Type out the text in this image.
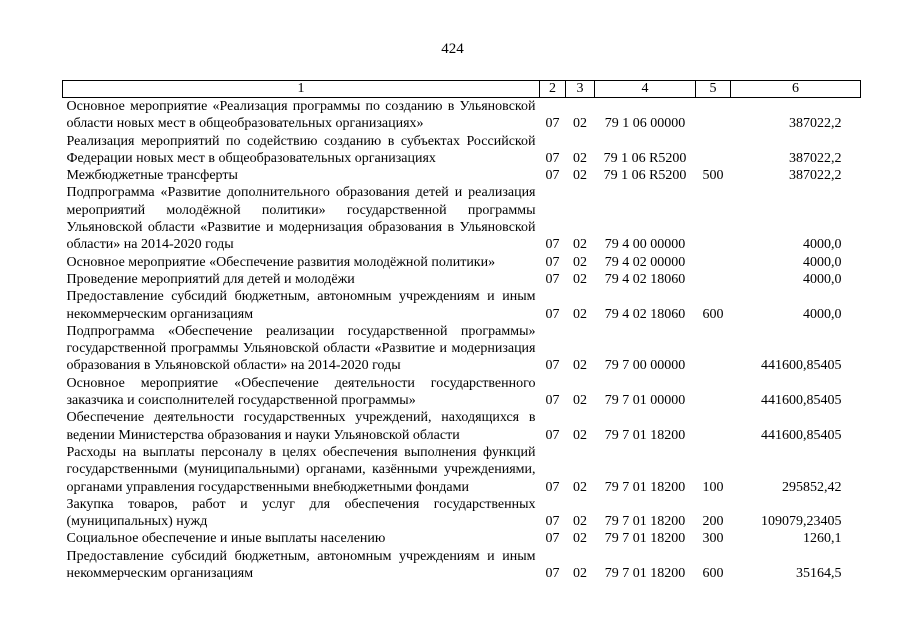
424
1	2	3	4	5	6
Основное мероприятие «Реализация программы по созданию в Ульяновской области новых мест в общеобразовательных организациях»	07	02	79 1 06 00000		387022,2
Реализация мероприятий по содействию созданию в субъектах Российской Федерации новых мест в общеобразовательных организациях	07	02	79 1 06 R5200		387022,2
Межбюджетные трансферты	07	02	79 1 06 R5200	500	387022,2
Подпрограмма «Развитие дополнительного образования детей и реализация мероприятий молодёжной политики» государственной программы Ульяновской области «Развитие и модернизация образования в Ульяновской области» на 2014-2020 годы	07	02	79 4 00 00000		4000,0
Основное мероприятие «Обеспечение развития молодёжной политики»	07	02	79 4 02 00000		4000,0
Проведение мероприятий для детей и молодёжи	07	02	79 4 02 18060		4000,0
Предоставление субсидий бюджетным, автономным учреждениям и иным некоммерческим организациям	07	02	79 4 02 18060	600	4000,0
Подпрограмма «Обеспечение реализации государственной программы» государственной программы Ульяновской области «Развитие и модернизация образования в Ульяновской области» на 2014-2020 годы	07	02	79 7 00 00000		441600,85405
Основное мероприятие «Обеспечение деятельности государственного заказчика и соисполнителей государственной программы»	07	02	79 7 01 00000		441600,85405
Обеспечение деятельности государственных учреждений, находящихся в ведении Министерства образования и науки Ульяновской области	07	02	79 7 01 18200		441600,85405
Расходы на выплаты персоналу в целях обеспечения выполнения функций государственными (муниципальными) органами, казёнными учреждениями, органами управления государственными внебюджетными фондами	07	02	79 7 01 18200	100	295852,42
Закупка товаров, работ и услуг для обеспечения государственных (муниципальных) нужд	07	02	79 7 01 18200	200	109079,23405
Социальное обеспечение и иные выплаты населению	07	02	79 7 01 18200	300	1260,1
Предоставление субсидий бюджетным, автономным учреждениям и иным некоммерческим организациям	07	02	79 7 01 18200	600	35164,5
